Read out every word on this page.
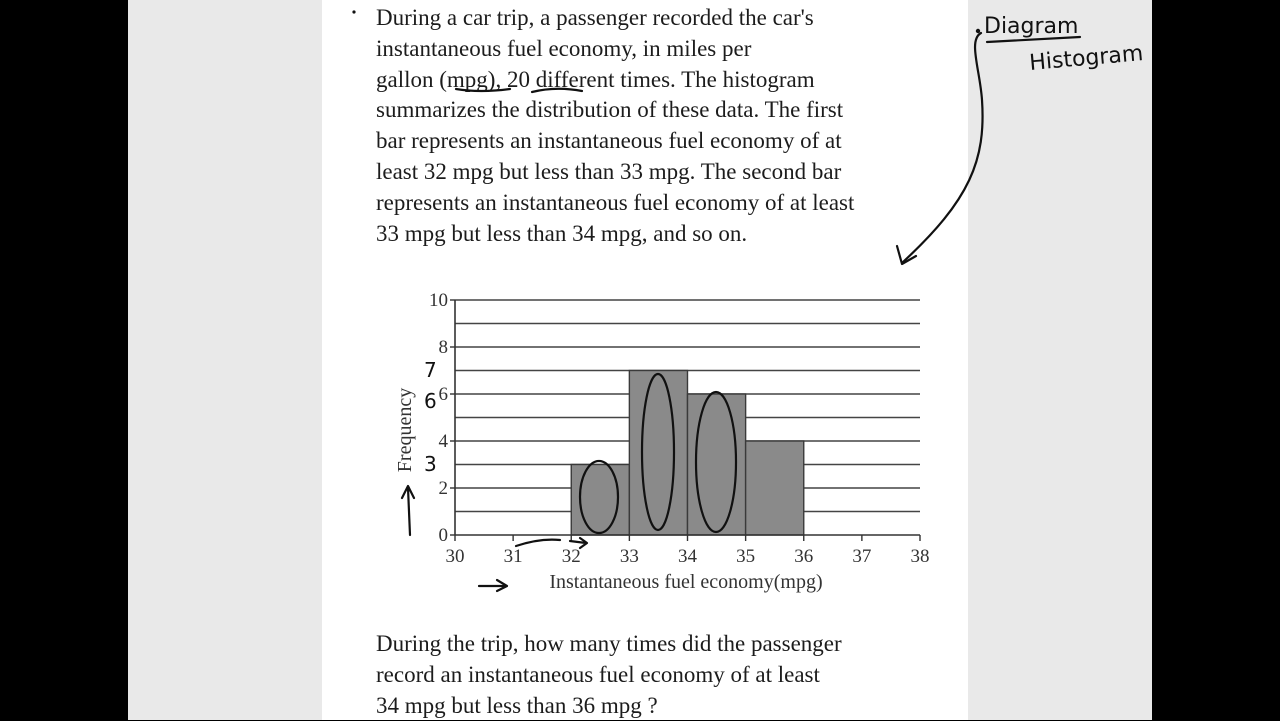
During a car trip, a passenger recorded the car's
instantaneous fuel economy, in miles per
gallon (mpg), 20 different times. The histogram
summarizes the distribution of these data. The first
bar represents an instantaneous fuel economy of at
least 32 mpg but less than 33 mpg. The second bar
represents an instantaneous fuel economy of at least
33 mpg but less than 34 mpg, and so on.
During the trip, how many times did the passenger
record an instantaneous fuel economy of at least
34 mpg but less than 36 mpg ?
30 31 32 33 34 35 36 37 38
0
2
4
6
8
10
Instantaneous fuel economy(mpg)
Frequency
Diagram
Histogram
7
6
3
